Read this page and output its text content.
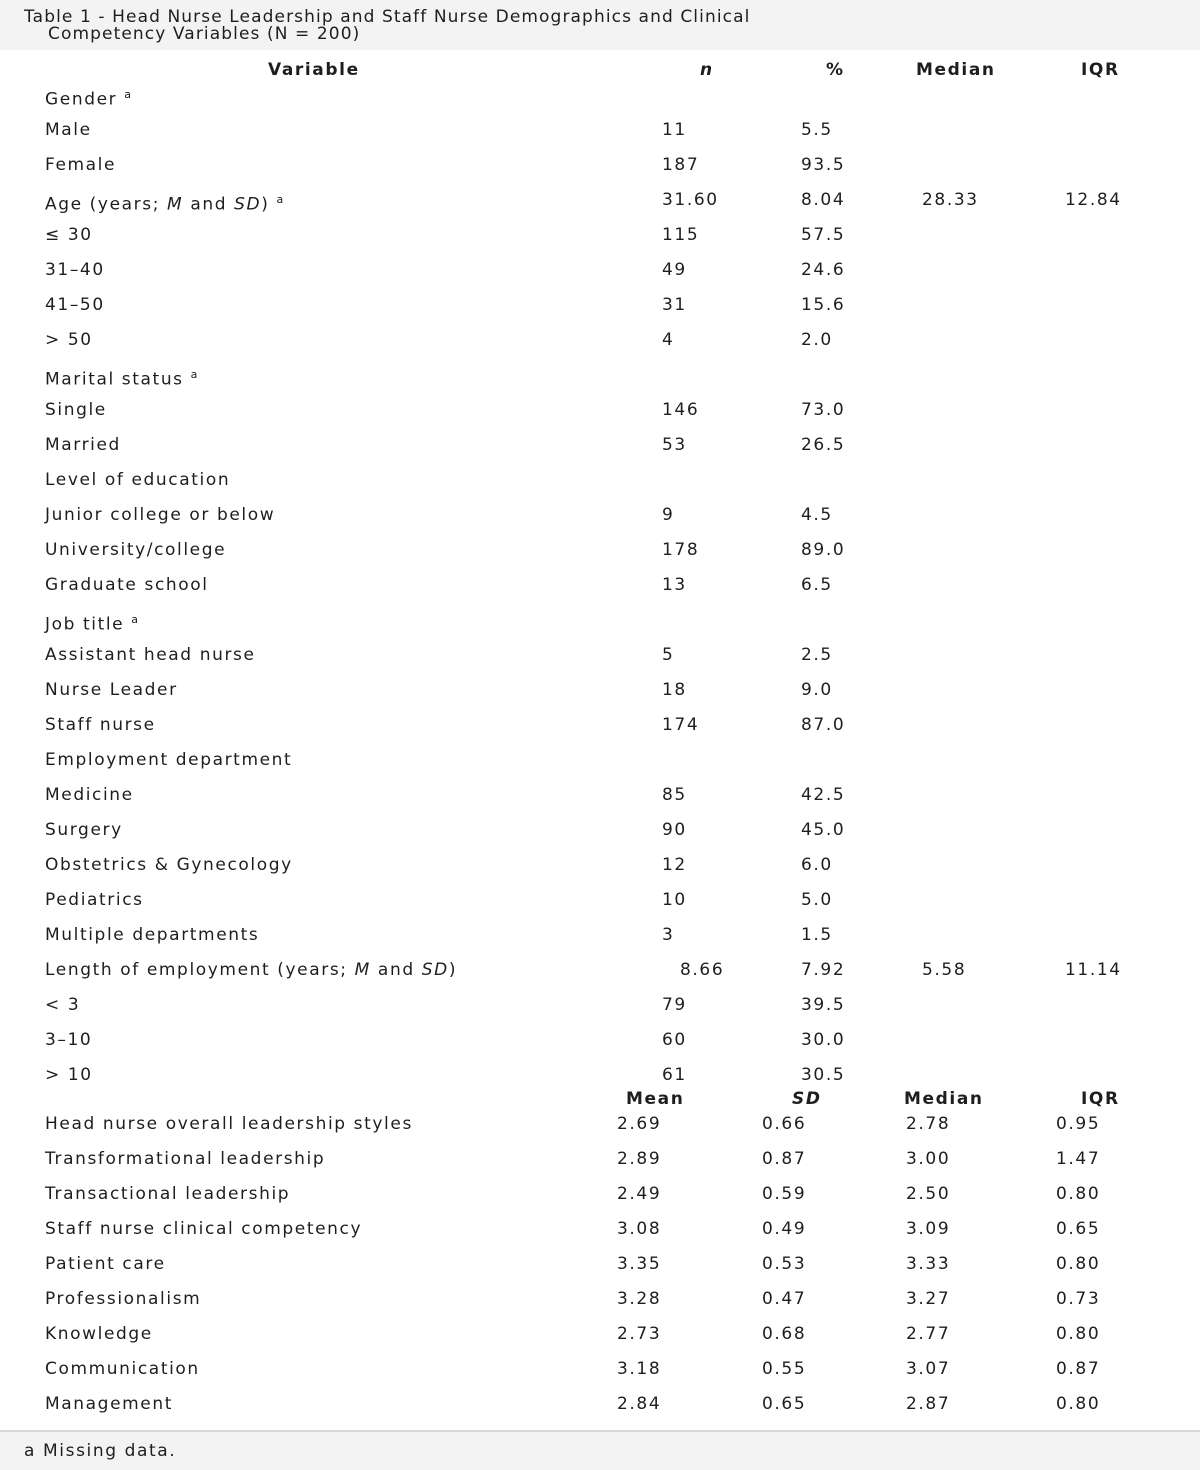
Table 1 - Head Nurse Leadership and Staff Nurse Demographics and Clinical
Competency Variables (N = 200)
Variable	n	%	Median	IQR
Gender $^a$
Male	11	5.5
Female	187	93.5
Age (years; M and SD) $^a$	31.60	8.04	28.33	12.84
≤ 30	115	57.5
31–40	49	24.6
41–50	31	15.6
> 50	4	2.0
Marital status $^a$
Single	146	73.0
Married	53	26.5
Level of education
Junior college or below	9	4.5
University/college	178	89.0
Graduate school	13	6.5
Job title $^a$
Assistant head nurse	5	2.5
Nurse Leader	18	9.0
Staff nurse	174	87.0
Employment department
Medicine	85	42.5
Surgery	90	45.0
Obstetrics & Gynecology	12	6.0
Pediatrics	10	5.0
Multiple departments	3	1.5
Length of employment (years; M and SD)	8.66	7.92	5.58	11.14
< 3	79	39.5
3–10	60	30.0
> 10	61	30.5
Mean	SD	Median	IQR
Head nurse overall leadership styles	2.69	0.66	2.78	0.95
Transformational leadership	2.89	0.87	3.00	1.47
Transactional leadership	2.49	0.59	2.50	0.80
Staff nurse clinical competency	3.08	0.49	3.09	0.65
Patient care	3.35	0.53	3.33	0.80
Professionalism	3.28	0.47	3.27	0.73
Knowledge	2.73	0.68	2.77	0.80
Communication	3.18	0.55	3.07	0.87
Management	2.84	0.65	2.87	0.80
a Missing data.
